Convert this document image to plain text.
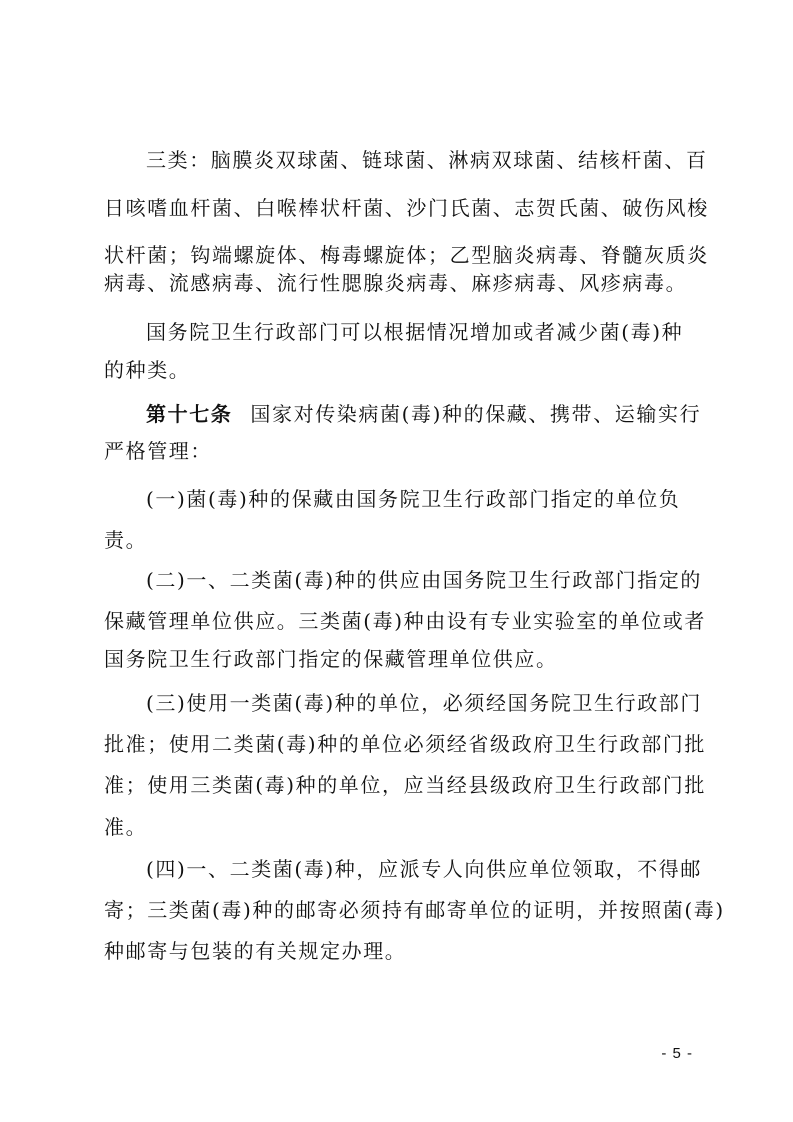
三类：脑膜炎双球菌、链球菌、淋病双球菌、结核杆菌、百
日咳嗜血杆菌、白喉棒状杆菌、沙门氏菌、志贺氏菌、破伤风梭
状杆菌；钩端螺旋体、梅毒螺旋体；乙型脑炎病毒、脊髓灰质炎
病毒、流感病毒、流行性腮腺炎病毒、麻疹病毒、风疹病毒。
国务院卫生行政部门可以根据情况增加或者减少菌(毒)种
的种类。
第十七条 国家对传染病菌(毒)种的保藏、携带、运输实行
严格管理：
(一)菌(毒)种的保藏由国务院卫生行政部门指定的单位负
责。
(二)一、二类菌(毒)种的供应由国务院卫生行政部门指定的
保藏管理单位供应。三类菌(毒)种由设有专业实验室的单位或者
国务院卫生行政部门指定的保藏管理单位供应。
(三)使用一类菌(毒)种的单位，必须经国务院卫生行政部门
批准；使用二类菌(毒)种的单位必须经省级政府卫生行政部门批
准；使用三类菌(毒)种的单位，应当经县级政府卫生行政部门批
准。
(四)一、二类菌(毒)种，应派专人向供应单位领取，不得邮
寄；三类菌(毒)种的邮寄必须持有邮寄单位的证明，并按照菌(毒)
种邮寄与包装的有关规定办理。
- 5 -
